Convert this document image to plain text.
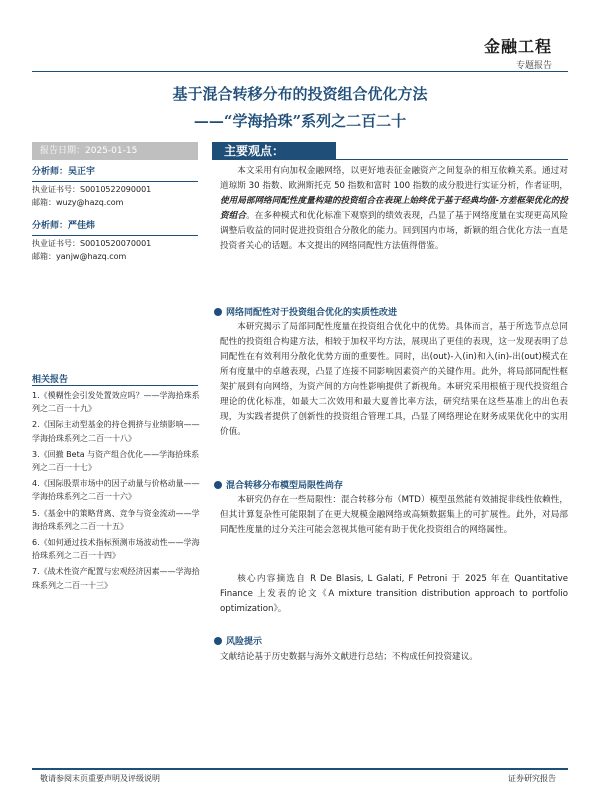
金融工程
专题报告
基于混合转移分布的投资组合优化方法
——“学海拾珠”系列之二百二十
报告日期：2025-01-15	主要观点：
分析师：吴正宇
执业证书号：S0010522090001
邮箱：wuzy@hazq.com
分析师：严佳炜
执业证书号：S0010520070001
邮箱：yanjw@hazq.com
相关报告
1.《模糊性会引发处置效应吗？——学海拾珠系列之二百一十九》
2.《国际主动型基金的持仓拥挤与业绩影响——学海拾珠系列之二百一十八》
3.《回撤 Beta 与资产组合优化——学海拾珠系列之二百一十七》
4.《国际股票市场中的因子动量与价格动量——学海拾珠系列之二百一十六》
5.《基金中的策略背离、竞争与资金流动——学海拾珠系列之二百一十五》
6.《如何通过技术指标预测市场波动性——学海拾珠系列之二百一十四》
7.《战术性资产配置与宏观经济因素——学海拾珠系列之二百一十三》
本文采用有向加权金融网络，以更好地表征金融资产之间复杂的相互依赖关系。通过对道琼斯 30 指数、欧洲斯托克 50 指数和富时 100 指数的成分股进行实证分析，作者证明，使用局部网络同配性度量构建的投资组合在表现上始终优于基于经典均值-方差框架优化的投资组合。在多种模式和优化标准下观察到的绩效表现，凸显了基于网络度量在实现更高风险调整后收益的同时促进投资组合分散化的能力。回到国内市场，新颖的组合优化方法一直是投资者关心的话题。本文提出的网络同配性方法值得借鉴。
网络同配性对于投资组合优化的实质性改进
本研究揭示了局部同配性度量在投资组合优化中的优势。具体而言，基于所选节点总同配性的投资组合构建方法，相较于加权平均方法，展现出了更佳的表现，这一发现表明了总同配性在有效利用分散化优势方面的重要性。同时，出(out)-入(in)和入(in)-出(out)模式在所有度量中的卓越表现，凸显了连接不同影响因素资产的关键作用。此外，将局部同配性框架扩展到有向网络，为资产间的方向性影响提供了新视角。本研究采用根植于现代投资组合理论的优化标准，如最大二次效用和最大夏普比率方法，研究结果在这些基准上的出色表现，为实践者提供了创新性的投资组合管理工具，凸显了网络理论在财务成果优化中的实用价值。
混合转移分布模型局限性尚存
本研究仍存在一些局限性：混合转移分布（MTD）模型虽然能有效捕捉非线性依赖性，但其计算复杂性可能限制了在更大规模金融网络或高频数据集上的可扩展性。此外，对局部同配性度量的过分关注可能会忽视其他可能有助于优化投资组合的网络属性。
核心内容摘选自 R De Blasis, L Galati, F Petroni 于 2025 年在 Quantitative Finance 上发表的论文《A mixture transition distribution approach to portfolio optimization》。
风险提示
文献结论基于历史数据与海外文献进行总结；不构成任何投资建议。
敬请参阅末页重要声明及评级说明	证券研究报告
